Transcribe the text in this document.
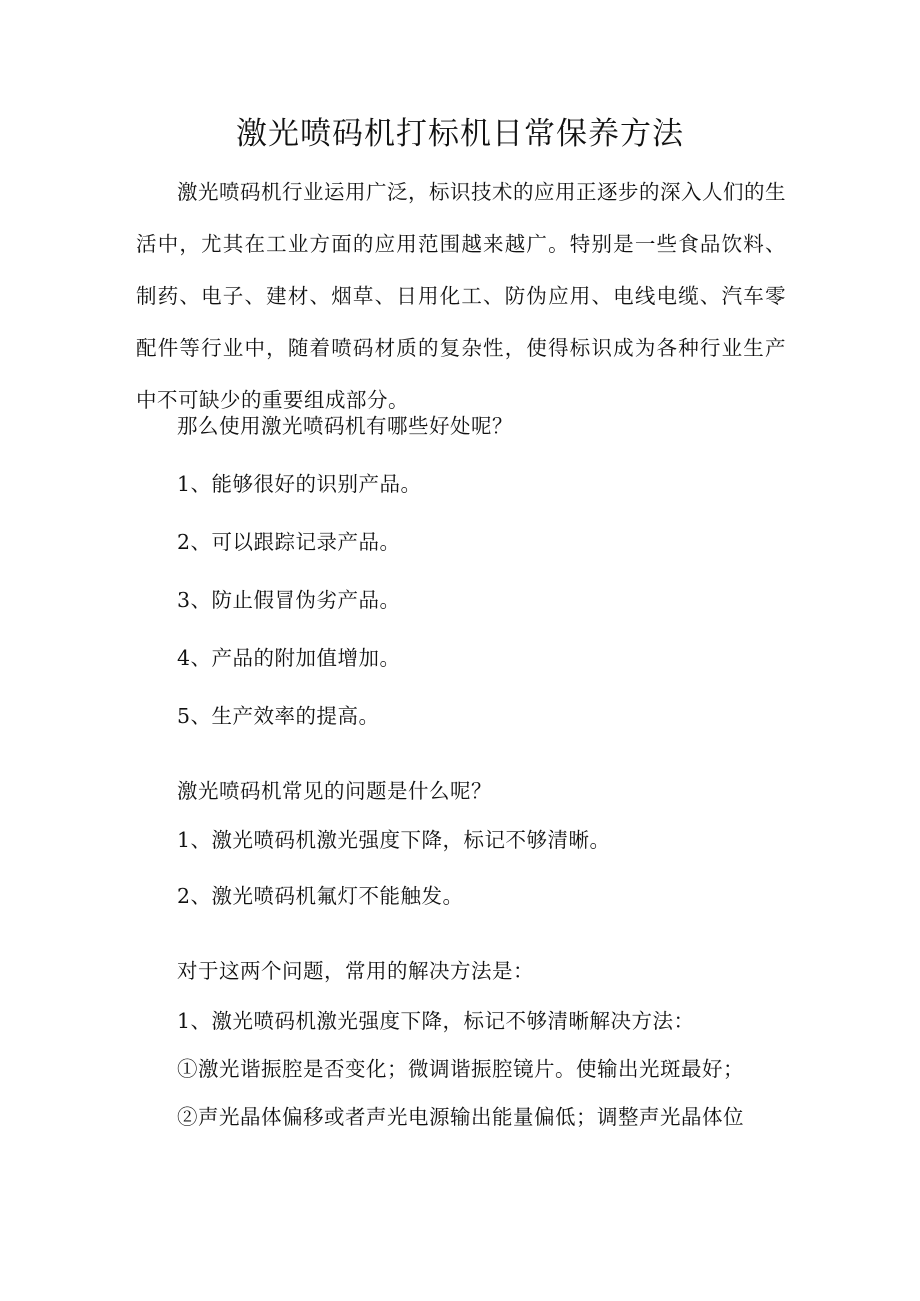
激光喷码机打标机日常保养方法

激光喷码机行业运用广泛，标识技术的应用正逐步的深入人们的生活中，尤其在工业方面的应用范围越来越广。特别是一些食品饮料、制药、电子、建材、烟草、日用化工、防伪应用、电线电缆、汽车零配件等行业中，随着喷码材质的复杂性，使得标识成为各种行业生产中不可缺少的重要组成部分。

那么使用激光喷码机有哪些好处呢？

1、能够很好的识别产品。

2、可以跟踪记录产品。

3、防止假冒伪劣产品。

4、产品的附加值增加。

5、生产效率的提高。

激光喷码机常见的问题是什么呢？

1、激光喷码机激光强度下降，标记不够清晰。

2、激光喷码机氟灯不能触发。

对于这两个问题，常用的解决方法是：

1、激光喷码机激光强度下降，标记不够清晰解决方法：

①激光谐振腔是否变化；微调谐振腔镜片。使输出光斑最好；

②声光晶体偏移或者声光电源输出能量偏低；调整声光晶体位
